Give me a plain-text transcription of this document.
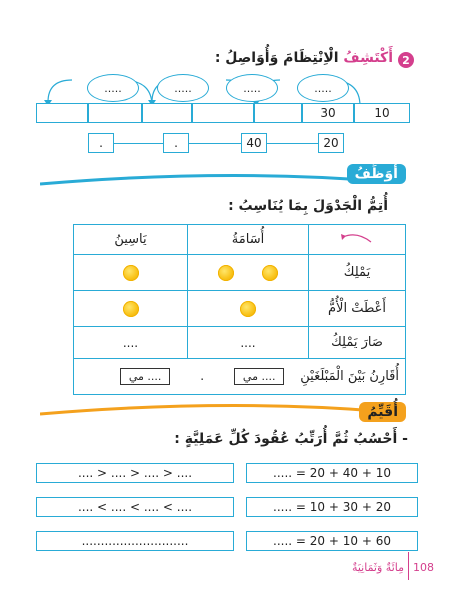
2
أَكْتَشِفُ الْاِنْتِظَامَ وَأُوَاصِلُ :
.....
.....
.....
.....
10
30
20
40
.
.
أُوَظِّفُ
أُتِمُّ الْجَدْوَلَ بِمَا يُنَاسِبُ :
	أُسَامَةُ	يَاسِينُ
يَمْلِكُ		
أَعْطَتْ الْأُمُّ		
صَارَ يَمْلِكُ	....	....
أُقَارِنُ بَيْنَ الْمَبْلَغَيْنِ .... مي . .... مي		
أُقَيِّمُ
- أَحْسُبُ ثُمَّ أُرَتِّبُ عُقُودَ كُلِّ عَمَلِيَّةٍ :
..... = 20 + 40 + 10
.... > .... > .... > ....
..... = 10 + 30 + 20
.... < .... < .... < ....
..... = 20 + 10 + 60
............................
108
مِائَةٌ وَثَمَانِيَةٌ
